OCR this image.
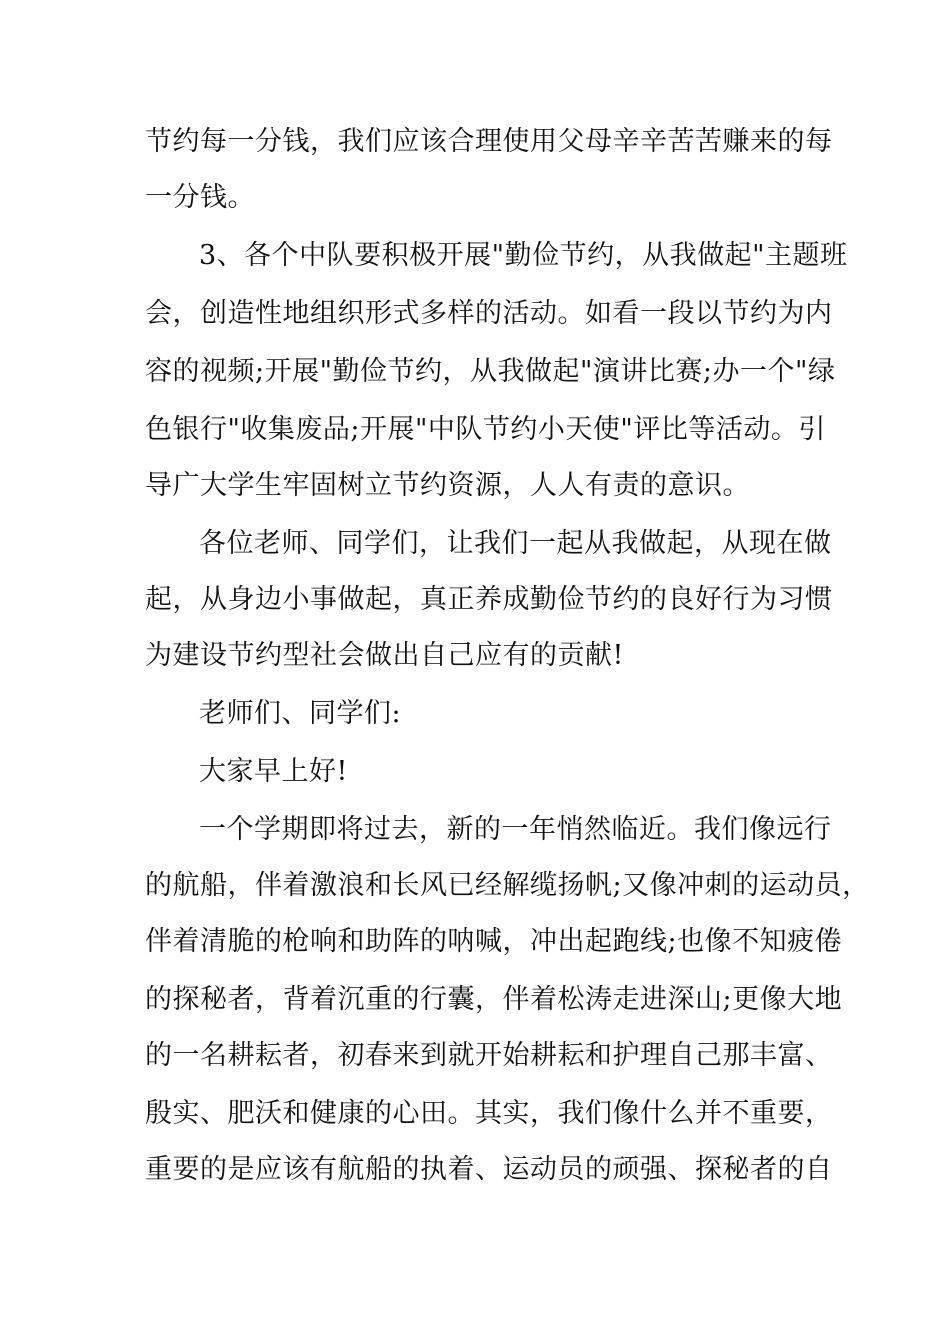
节约每一分钱，我们应该合理使用父母辛辛苦苦赚来的每
一分钱。
3、各个中队要积极开展"勤俭节约，从我做起"主题班
会，创造性地组织形式多样的活动。如看一段以节约为内
容的视频;开展"勤俭节约，从我做起"演讲比赛;办一个"绿
色银行"收集废品;开展"中队节约小天使"评比等活动。引
导广大学生牢固树立节约资源，人人有责的意识。
各位老师、同学们，让我们一起从我做起，从现在做
起，从身边小事做起，真正养成勤俭节约的良好行为习惯
为建设节约型社会做出自己应有的贡献!
老师们、同学们:
大家早上好!
一个学期即将过去，新的一年悄然临近。我们像远行
的航船，伴着激浪和长风已经解缆扬帆;又像冲刺的运动员，
伴着清脆的枪响和助阵的呐喊，冲出起跑线;也像不知疲倦
的探秘者，背着沉重的行囊，伴着松涛走进深山;更像大地
的一名耕耘者，初春来到就开始耕耘和护理自己那丰富、
殷实、肥沃和健康的心田。其实，我们像什么并不重要，
重要的是应该有航船的执着、运动员的顽强、探秘者的自
